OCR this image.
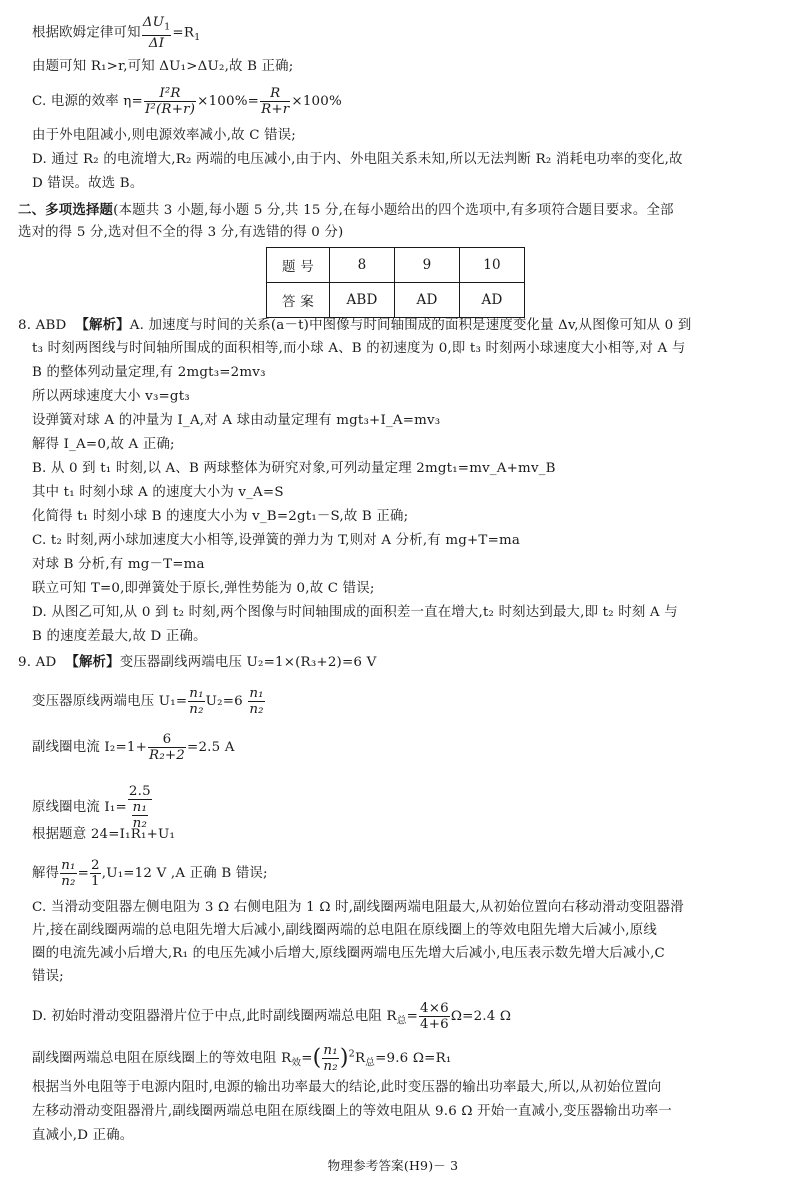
根据欧姆定律可知 $\frac{\Delta U_1}{\Delta I} =R_1$
由题可知 R₁>r,可知 ΔU₁>ΔU₂,故 B 正确;
C. 电源的效率 $\eta= \frac{\text{I²R}}{\text{I²(R+r)}} \times 100\%= \frac{R}{R+r} \times 100\%$
由于外电阻减小,则电源效率减小,故 C 错误;
D. 通过 R₂ 的电流增大,R₂ 两端的电压减小,由于内、外电阻关系未知,所以无法判断 R₂ 消耗电功率的变化,故
D 错误。故选 B。
二、多项选择题(本题共 3 小题,每小题 5 分,共 15 分,在每小题给出的四个选项中,有多项符合题目要求。全部
选对的得 5 分,选对但不全的得 3 分,有选错的得 0 分)
题 号	8	9	10
答 案	ABD	AD	AD
8. ABD 【解析】A. 加速度与时间的关系(a－t)中图像与时间轴围成的面积是速度变化量 Δv,从图像可知从 0 到
t₃ 时刻两图线与时间轴所围成的面积相等,而小球 A、B 的初速度为 0,即 t₃ 时刻两小球速度大小相等,对 A 与
B 的整体列动量定理,有 2mgt₃=2mv₃
所以两球速度大小 v₃=gt₃
设弹簧对球 A 的冲量为 I_A,对 A 球由动量定理有 mgt₃+I_A=mv₃
解得 I_A=0,故 A 正确;
B. 从 0 到 t₁ 时刻,以 A、B 两球整体为研究对象,可列动量定理 2mgt₁=mv_A+mv_B
其中 t₁ 时刻小球 A 的速度大小为 v_A=S
化简得 t₁ 时刻小球 B 的速度大小为 v_B=2gt₁－S,故 B 正确;
C. t₂ 时刻,两小球加速度大小相等,设弹簧的弹力为 T,则对 A 分析,有 mg+T=ma
对球 B 分析,有 mg－T=ma
联立可知 T=0,即弹簧处于原长,弹性势能为 0,故 C 错误;
D. 从图乙可知,从 0 到 t₂ 时刻,两个图像与时间轴围成的面积差一直在增大,t₂ 时刻达到最大,即 t₂ 时刻 A 与
B 的速度差最大,故 D 正确。
9. AD 【解析】变压器副线两端电压 U₂=1×(R₃+2)=6 V
变压器原线两端电压 $U_1= \frac{\text{n₁}}{\text{n₂}} U_2=6 \frac{\text{n₁}}{\text{n₂}}$
副线圈电流 $I_2=1+ \frac{6}{\text{R₂+2}} =2.5$ A
原线圈电流 $I_1= \frac{2.5}{\frac{\text{n₁}}{\text{n₂}}}$
根据题意 24=I₁R₁+U₁
解得 $\frac{\text{n₁}}{\text{n₂}} = \frac{2}{1} ,U_1=12$ V ,A 正确 B 错误;
C. 当滑动变阻器左侧电阻为 3 Ω 右侧电阻为 1 Ω 时,副线圈两端电阻最大,从初始位置向右移动滑动变阻器滑
片,接在副线圈两端的总电阻先增大后减小,副线圈两端的总电阻在原线圈上的等效电阻先增大后减小,原线
圈的电流先减小后增大,R₁ 的电压先减小后增大,原线圈两端电压先增大后减小,电压表示数先增大后减小,C
错误;
D. 初始时滑动变阻器滑片位于中点,此时副线圈两端总电阻 $R_总= \frac{4\times 6}{4+6} \Omega=2.4$ Ω
副线圈两端总电阻在原线圈上的等效电阻 $R_效=( \frac{\text{n₁}}{\text{n₂}} )^2R_总=9.6$ Ω=R₁
根据当外电阻等于电源内阻时,电源的输出功率最大的结论,此时变压器的输出功率最大,所以,从初始位置向
左移动滑动变阻器滑片,副线圈两端总电阻在原线圈上的等效电阻从 9.6 Ω 开始一直减小,变压器输出功率一
直减小,D 正确。
物理参考答案(H9)－ 3
